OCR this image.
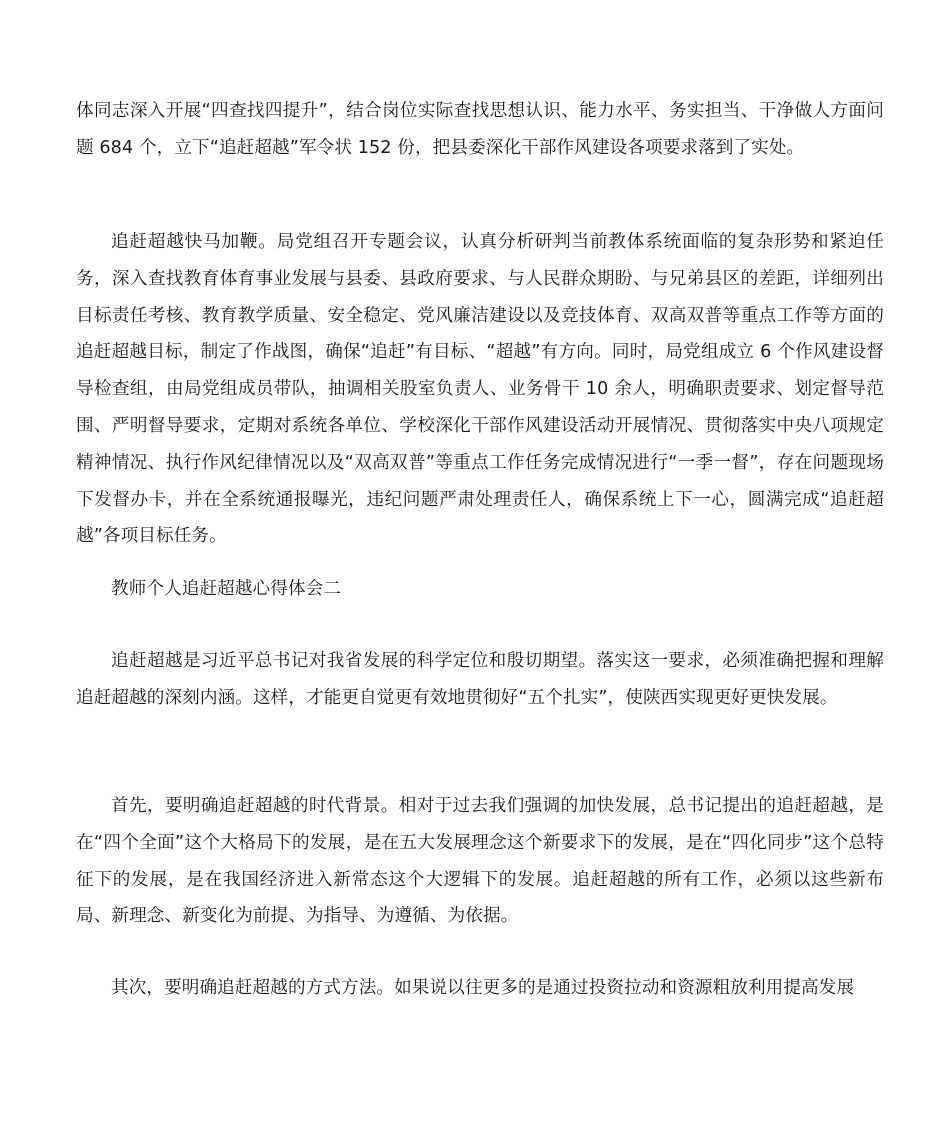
体同志深入开展“四查找四提升”，结合岗位实际查找思想认识、能力水平、务实担当、干净做人方面问题 684 个，立下“追赶超越”军令状 152 份，把县委深化干部作风建设各项要求落到了实处。

追赶超越快马加鞭。局党组召开专题会议，认真分析研判当前教体系统面临的复杂形势和紧迫任务，深入查找教育体育事业发展与县委、县政府要求、与人民群众期盼、与兄弟县区的差距，详细列出目标责任考核、教育教学质量、安全稳定、党风廉洁建设以及竞技体育、双高双普等重点工作等方面的追赶超越目标，制定了作战图，确保“追赶”有目标、“超越”有方向。同时，局党组成立 6 个作风建设督导检查组，由局党组成员带队，抽调相关股室负责人、业务骨干 10 余人，明确职责要求、划定督导范围、严明督导要求，定期对系统各单位、学校深化干部作风建设活动开展情况、贯彻落实中央八项规定精神情况、执行作风纪律情况以及“双高双普”等重点工作任务完成情况进行“一季一督”，存在问题现场下发督办卡，并在全系统通报曝光，违纪问题严肃处理责任人，确保系统上下一心，圆满完成“追赶超越”各项目标任务。

教师个人追赶超越心得体会二

追赶超越是习近平总书记对我省发展的科学定位和殷切期望。落实这一要求，必须准确把握和理解追赶超越的深刻内涵。这样，才能更自觉更有效地贯彻好“五个扎实”，使陕西实现更好更快发展。

首先，要明确追赶超越的时代背景。相对于过去我们强调的加快发展，总书记提出的追赶超越，是在“四个全面”这个大格局下的发展，是在五大发展理念这个新要求下的发展，是在“四化同步”这个总特征下的发展，是在我国经济进入新常态这个大逻辑下的发展。追赶超越的所有工作，必须以这些新布局、新理念、新变化为前提、为指导、为遵循、为依据。

其次，要明确追赶超越的方式方法。如果说以往更多的是通过投资拉动和资源粗放利用提高发展
